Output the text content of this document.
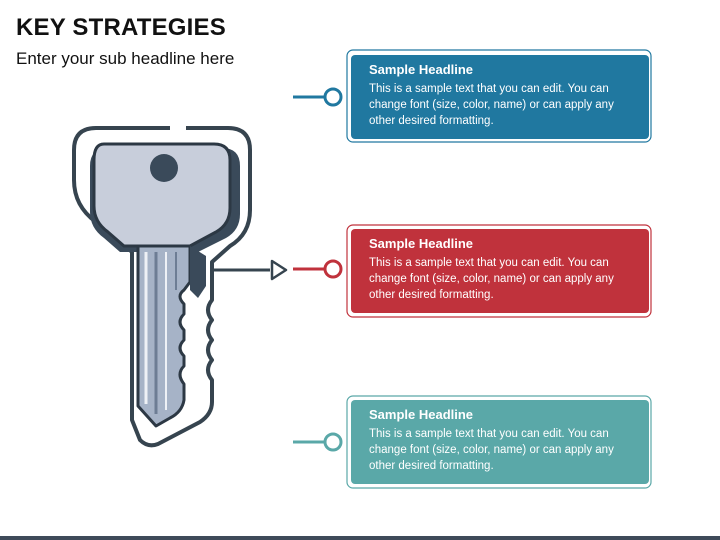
KEY STRATEGIES
Enter your sub headline here
Sample Headline
This is a sample text that you can edit. You can change font (size, color, name) or can apply any other desired formatting.
Sample Headline
This is a sample text that you can edit. You can change font (size, color, name) or can apply any other desired formatting.
Sample Headline
This is a sample text that you can edit. You can change font (size, color, name) or can apply any other desired formatting.
